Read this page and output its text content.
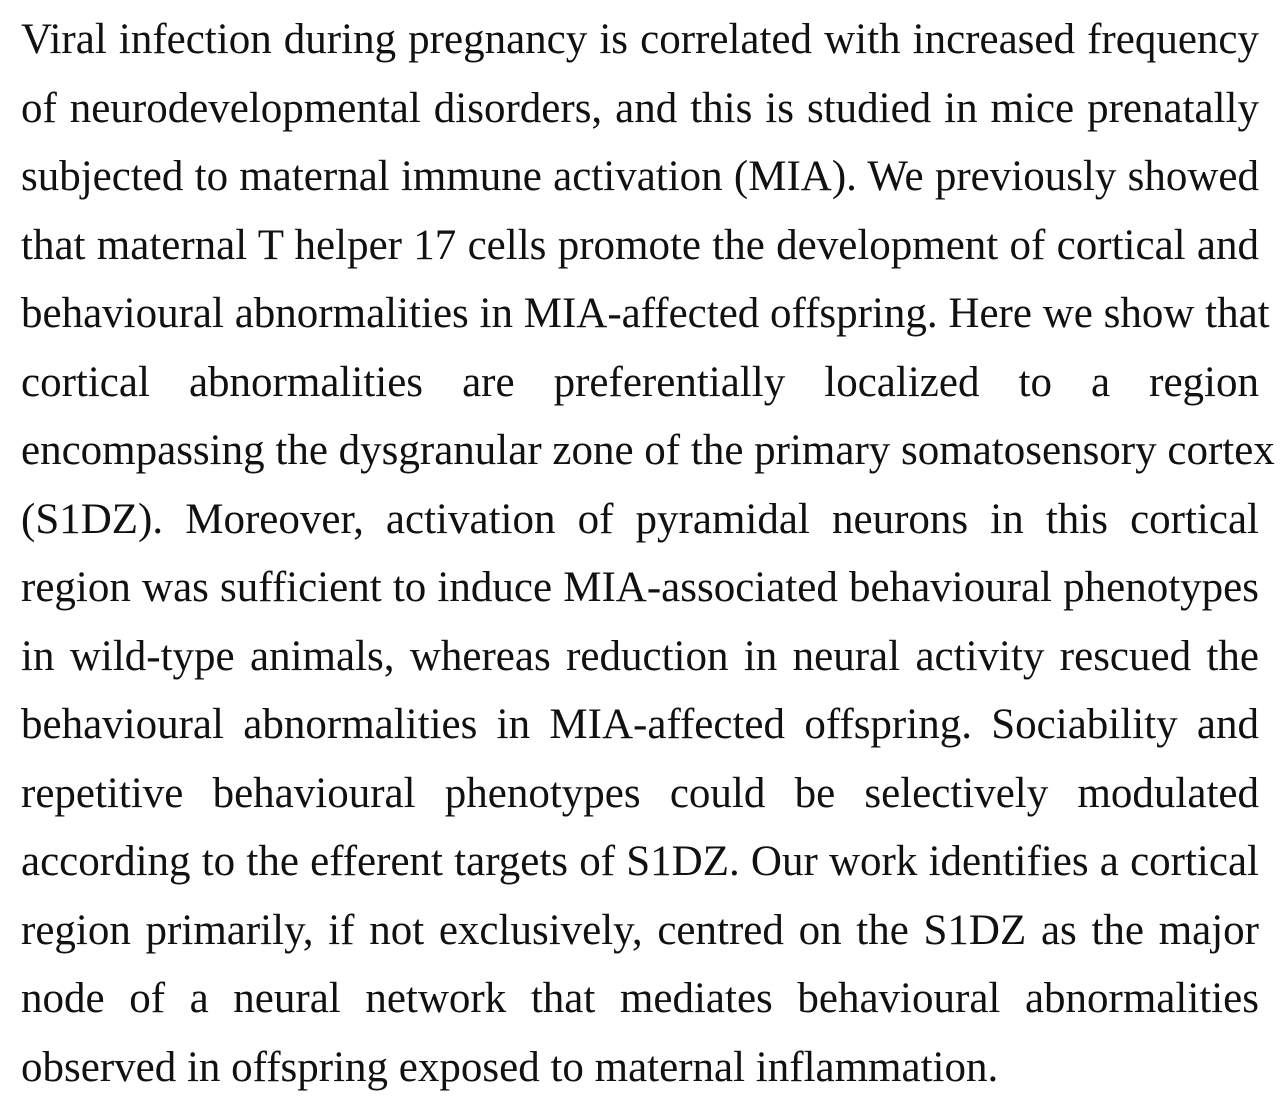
Viral infection during pregnancy is correlated with increased frequency
of neurodevelopmental disorders, and this is studied in mice prenatally
subjected to maternal immune activation (MIA). We previously showed
that maternal T helper 17 cells promote the development of cortical and
behavioural abnormalities in MIA-affected offspring. Here we show that
cortical abnormalities are preferentially localized to a region
encompassing the dysgranular zone of the primary somatosensory cortex
(S1DZ). Moreover, activation of pyramidal neurons in this cortical
region was sufficient to induce MIA-associated behavioural phenotypes
in wild-type animals, whereas reduction in neural activity rescued the
behavioural abnormalities in MIA-affected offspring. Sociability and
repetitive behavioural phenotypes could be selectively modulated
according to the efferent targets of S1DZ. Our work identifies a cortical
region primarily, if not exclusively, centred on the S1DZ as the major
node of a neural network that mediates behavioural abnormalities
observed in offspring exposed to maternal inflammation.
